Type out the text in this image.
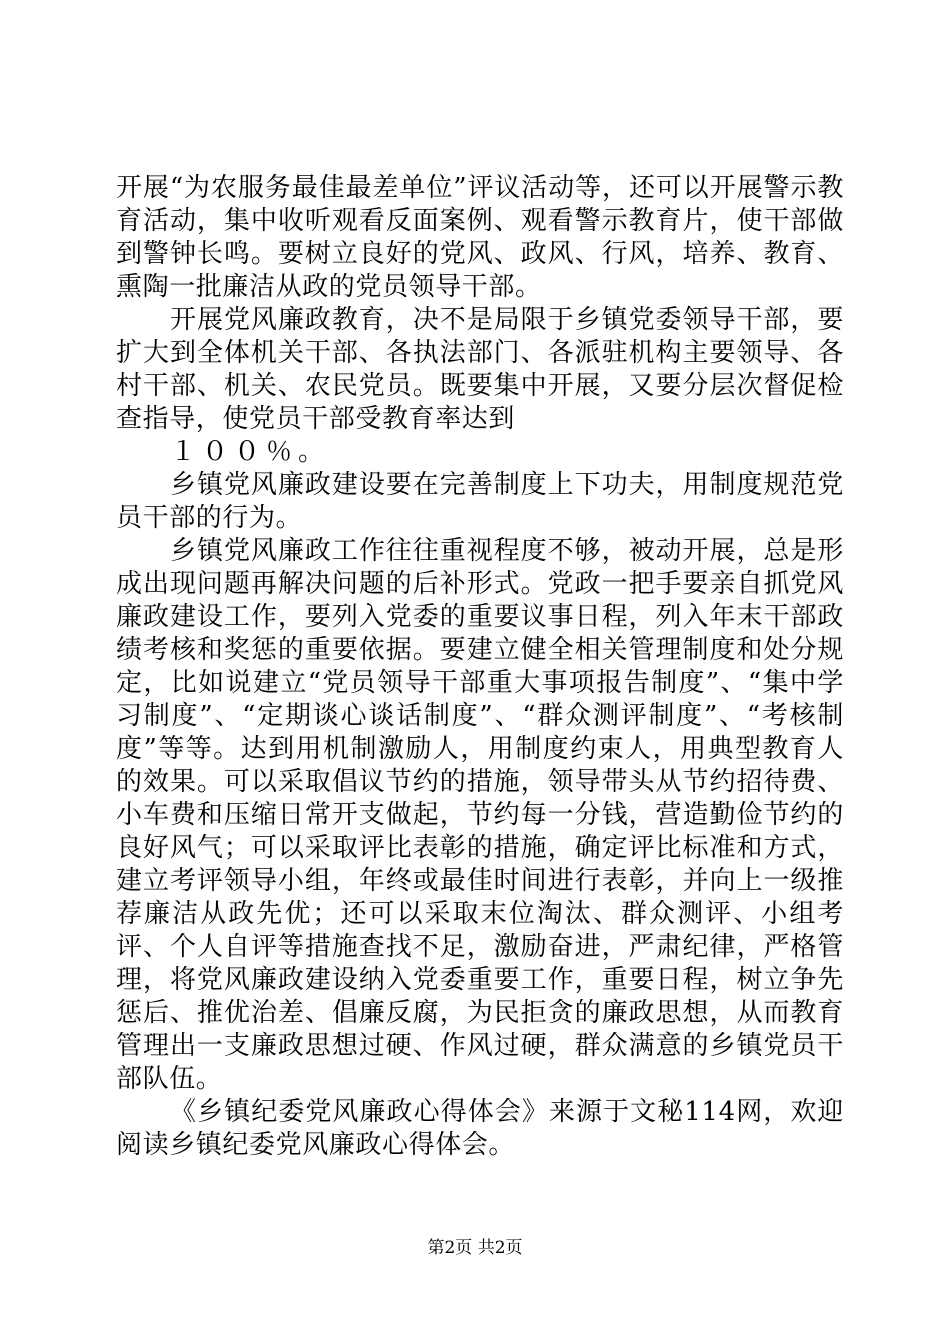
开展“为农服务最佳最差单位”评议活动等，还可以开展警示教育活动，集中收听观看反面案例、观看警示教育片，使干部做到警钟长鸣。要树立良好的党风、政风、行风，培养、教育、熏陶一批廉洁从政的党员领导干部。

开展党风廉政教育，决不是局限于乡镇党委领导干部，要扩大到全体机关干部、各执法部门、各派驻机构主要领导、各村干部、机关、农民党员。既要集中开展，又要分层次督促检查指导，使党员干部受教育率达到

１００％。

乡镇党风廉政建设要在完善制度上下功夫，用制度规范党员干部的行为。

乡镇党风廉政工作往往重视程度不够，被动开展，总是形成出现问题再解决问题的后补形式。党政一把手要亲自抓党风廉政建设工作，要列入党委的重要议事日程，列入年末干部政绩考核和奖惩的重要依据。要建立健全相关管理制度和处分规定，比如说建立“党员领导干部重大事项报告制度”、“集中学习制度”、“定期谈心谈话制度”、“群众测评制度”、“考核制度”等等。达到用机制激励人，用制度约束人，用典型教育人的效果。可以采取倡议节约的措施，领导带头从节约招待费、小车费和压缩日常开支做起，节约每一分钱，营造勤俭节约的良好风气；可以采取评比表彰的措施，确定评比标准和方式，建立考评领导小组，年终或最佳时间进行表彰，并向上一级推荐廉洁从政先优；还可以采取末位淘汰、群众测评、小组考评、个人自评等措施查找不足，激励奋进，严肃纪律，严格管理，将党风廉政建设纳入党委重要工作，重要日程，树立争先惩后、推优治差、倡廉反腐，为民拒贪的廉政思想，从而教育管理出一支廉政思想过硬、作风过硬，群众满意的乡镇党员干部队伍。

《乡镇纪委党风廉政心得体会》来源于文秘114网，欢迎阅读乡镇纪委党风廉政心得体会。

第2页 共2页
